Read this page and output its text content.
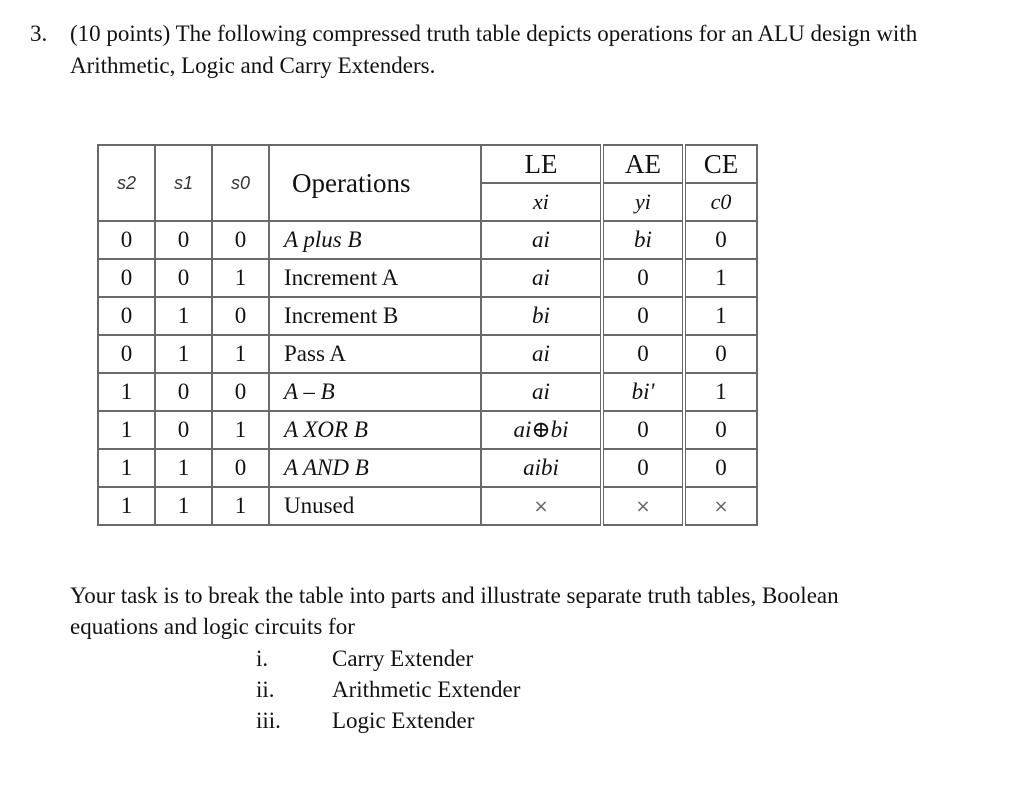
3. (10 points) The following compressed truth table depicts operations for an ALU design with
Arithmetic, Logic and Carry Extenders.
s2	s1	s0	Operations	LE	AE	CE
				xi	yi	c0
0	0	0	A plus B	ai	bi	0
0	0	1	Increment A	ai	0	1
0	1	0	Increment B	bi	0	1
0	1	1	Pass A	ai	0	0
1	0	0	A – B	ai	bi'	1
1	0	1	A XOR B	ai⊕bi	0	0
1	1	0	A AND B	aibi	0	0
1	1	1	Unused	×	×	×
Your task is to break the table into parts and illustrate separate truth tables, Boolean
equations and logic circuits for
i.	Carry Extender
ii.	Arithmetic Extender
iii.	Logic Extender
